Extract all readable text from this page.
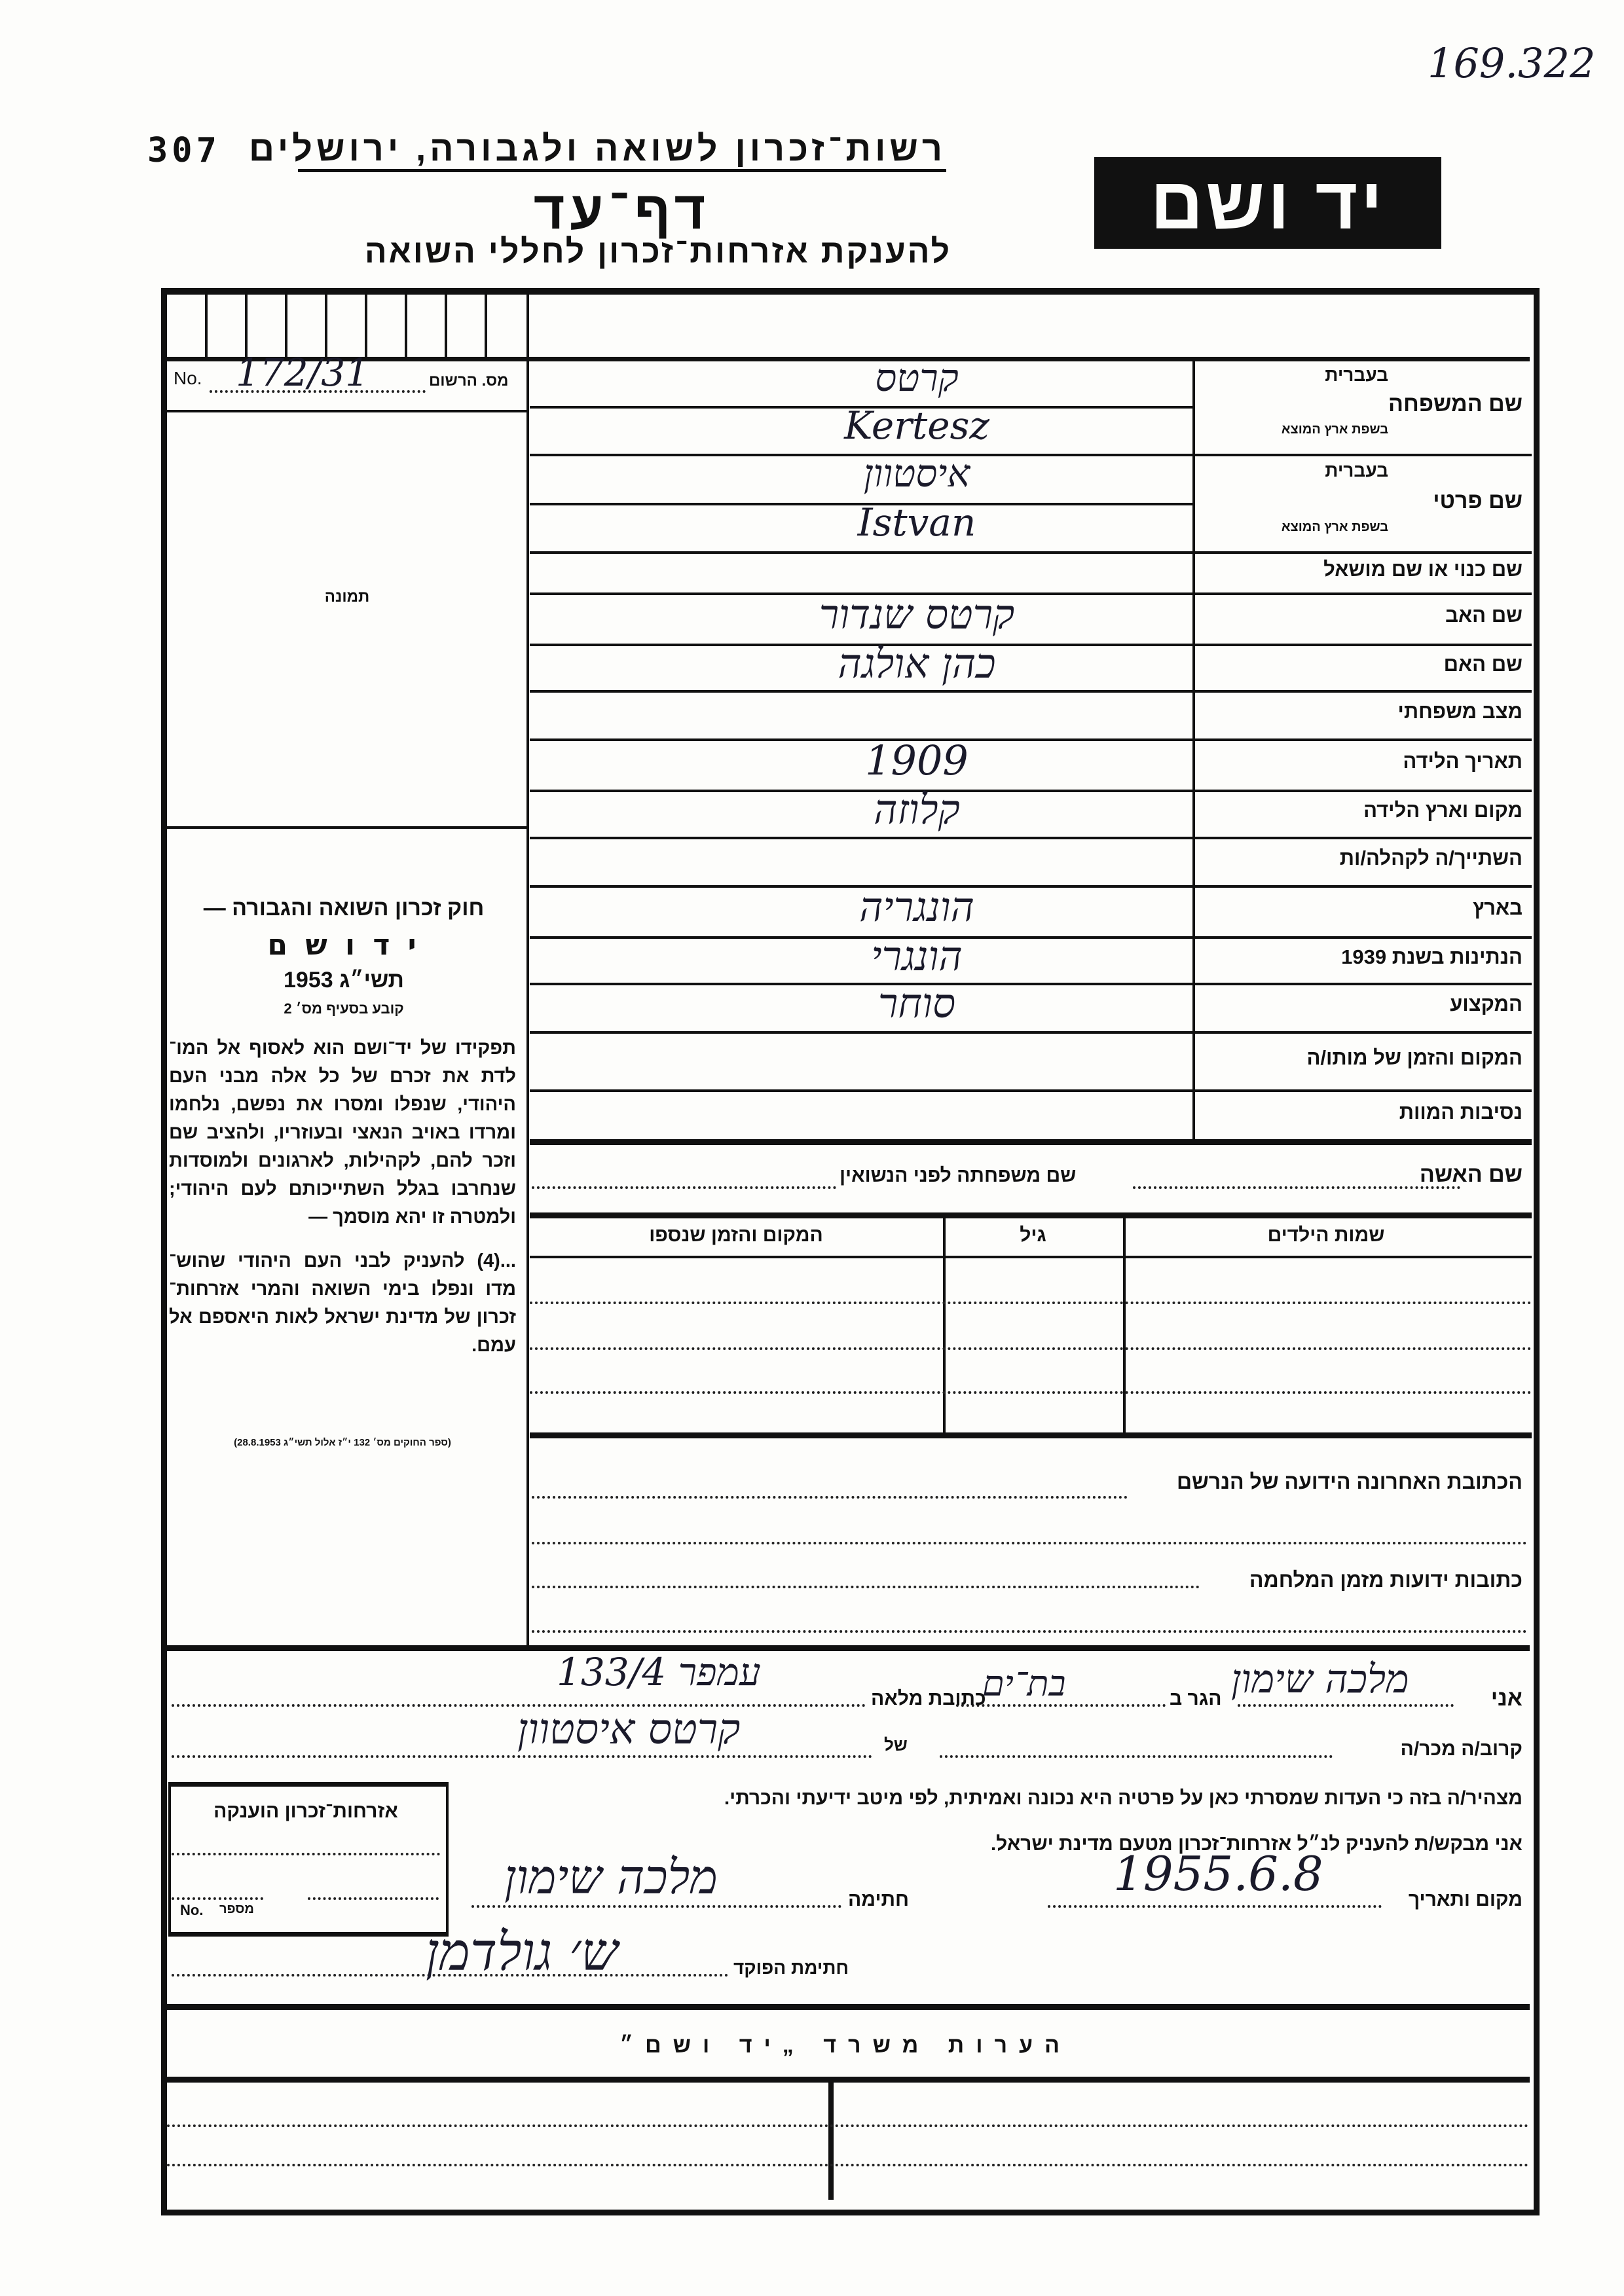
169.322
307 רשות־זכרון לשואה ולגבורה, ירושלים
דף־עד
להענקת אזרחות־זכרון לחללי השואה
יד ושם
No.	מס. הרשום
172/31
תמונה
חוק זכרון השואה והגבורה —
י ד ו ש ם
תשי״ג 1953
קובע בסעיף מס׳ 2
תפקידו של יד־ושם הוא לאסוף אל המו־ לדת את זכרם של כל אלה מבני העם היהודי, שנפלו ומסרו את נפשם, נלחמו ומרדו באויב הנאצי ובעוזריו, ולהציב שם וזכר להם, לקהילות, לארגונים ולמוסדות שנחרבו בגלל השתייכותם לעם היהודי; ולמטרה זו יהא מוסמך —
...(4) להעניק לבני העם היהודי שהוש־ מדו ונפלו בימי השואה והמרי אזרחות־ זכרון של מדינת ישראל לאות היאספם אל עמם.
(ספר החוקים מס׳ 132 י״ז אלול תשי״ג 28.8.1953)
שם המשפחה
בעברית
בשפת ארץ המוצא
קרטס
Kertesz
שם פרטי
בעברית
בשפת ארץ המוצא
איסטוון
Istvan
שם כנוי או שם מושאל
שם האב
קרטס שנדור
שם האם
כהן אולגה
מצב משפחתי
תאריך הלידה
1909
מקום וארץ הלידה
קלוזה
השתייך/ה לקהלה/ות
בארץ
הונגריה
הנתינות בשנת 1939
הונגרי
המקצוע
סוחר
המקום והזמן של מותו/ה
נסיבות המוות
שם האשה
שם משפחתה לפני הנשואין
שמות הילדים
גיל
המקום והזמן שנספו
הכתובת האחרונה הידועה של הנרשם
כתובות ידועות מזמן המלחמה
אני
מלכה שימון
הגר ב
בת־ים
כתובת מלאה
עמפר 133/4
קרוב/ה מכר/ה
של
קרטס איסטוון
מצהיר/ה בזה כי העדות שמסרתי כאן על פרטיה היא נכונה ואמיתית, לפי מיטב ידיעתי והכרתי.
אני מבקש/ת להעניק לנ״ל אזרחות־זכרון מטעם מדינת ישראל.
מקום ותאריך
1955.6.8
חתימה
מלכה שימון
חתימת הפוקד
ש׳ גולדמן
אזרחות־זכרון הוענקה
No. מספר
הערות משרד „יד ושם״
